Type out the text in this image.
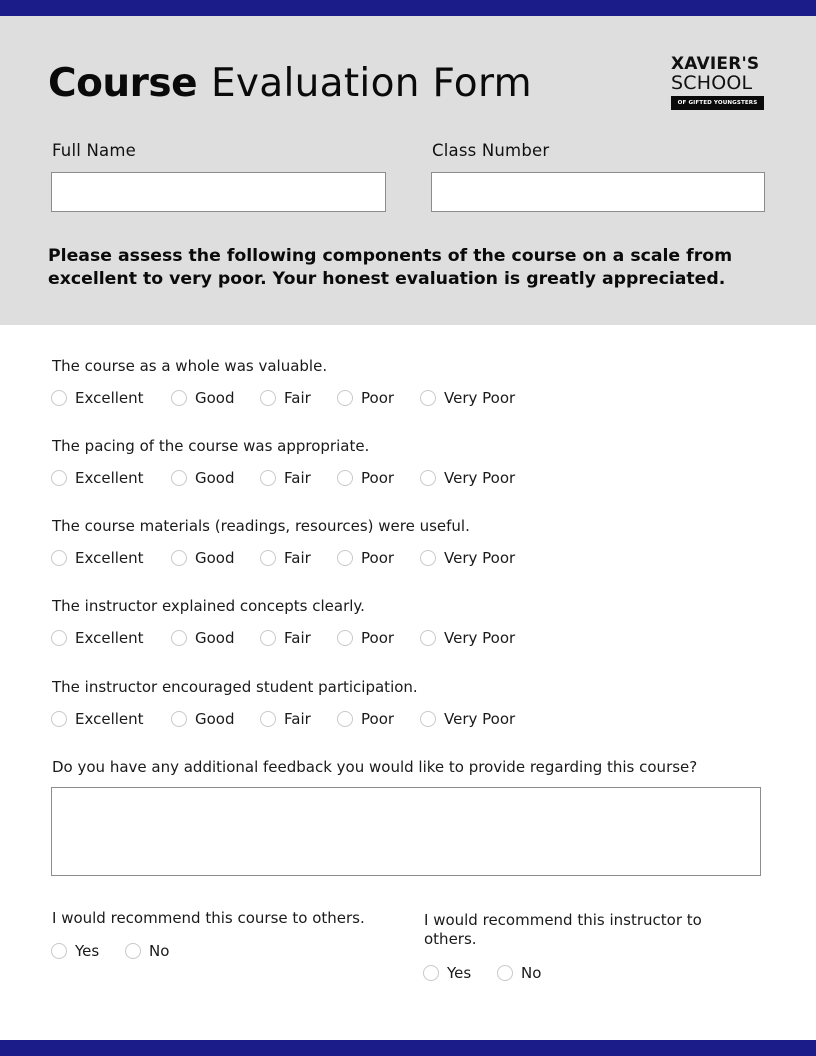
Course Evaluation Form	XAVIER'S
SCHOOL
OF GIFTED YOUNGSTERS
Full Name	Class Number

Please assess the following components of the course on a scale from excellent to very poor. Your honest evaluation is greatly appreciated.

The course as a whole was valuable.
Excellent	Good	Fair	Poor	Very Poor
The pacing of the course was appropriate.
Excellent	Good	Fair	Poor	Very Poor
The course materials (readings, resources) were useful.
Excellent	Good	Fair	Poor	Very Poor
The instructor explained concepts clearly.
Excellent	Good	Fair	Poor	Very Poor
The instructor encouraged student participation.
Excellent	Good	Fair	Poor	Very Poor
Do you have any additional feedback you would like to provide regarding this course?
I would recommend this course to others.
Yes	No
I would recommend this instructor to others.
Yes	No
